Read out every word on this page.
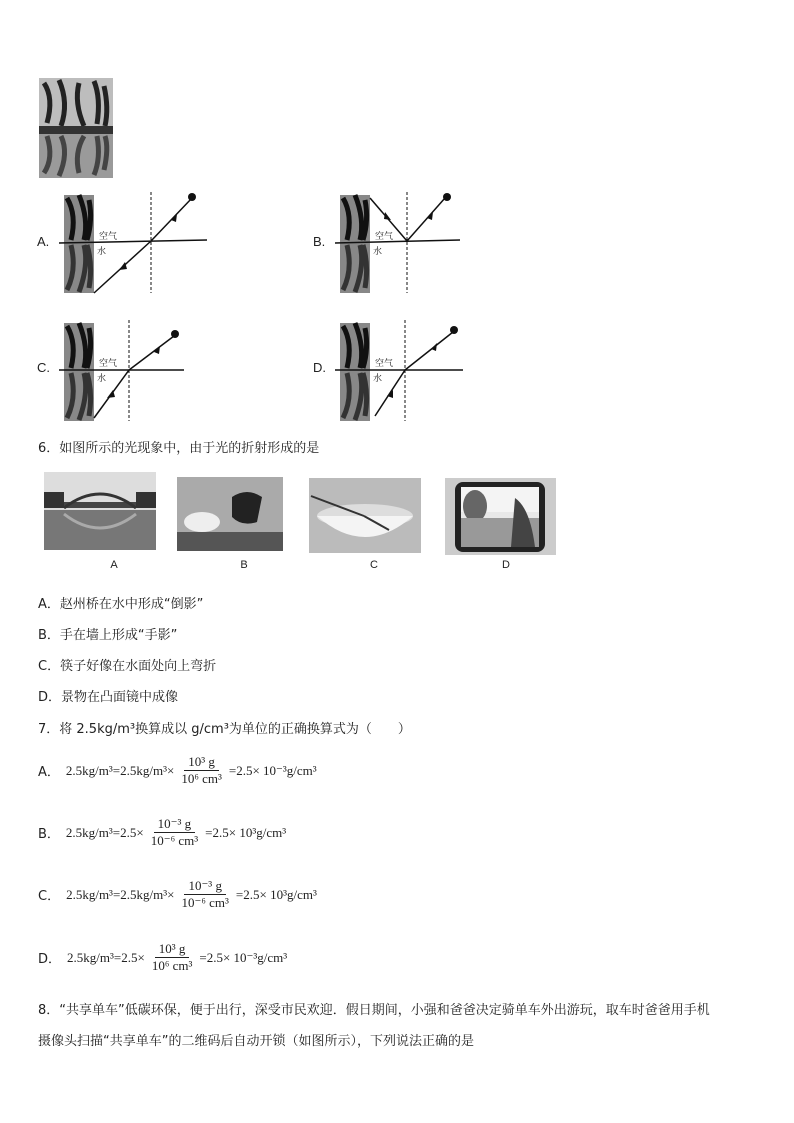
A.	空气
水
B.	空气
水
C.	空气
水
D.	空气
水
6．如图所示的光现象中，由于光的折射形成的是
A	B	C	D
A．赵州桥在水中形成“倒影”
B．手在墙上形成“手影”
C．筷子好像在水面处向上弯折
D．景物在凸面镜中成像
7．将 2.5kg/m³换算成以 g/cm³为单位的正确换算式为（　　）
A． $2.5kg/m^3=2.5kg/m^3\times \frac{\text{10³ g}}{\text{10⁶ cm³}} =2.5\times 10^{-3}g/cm^3$
B． $2.5kg/m^3=2.5\times \frac{\text{10⁻³ g}}{\text{10⁻⁶ cm³}} =2.5\times 10^3g/cm^3$
C． $2.5kg/m^3=2.5kg/m^3\times \frac{\text{10⁻³ g}}{\text{10⁻⁶ cm³}} =2.5\times 10^3g/cm^3$
D． $2.5kg/m^3=2.5\times \frac{\text{10³ g}}{\text{10⁶ cm³}} =2.5\times 10^{-3}g/cm^3$
8．“共享单车”低碳环保，便于出行，深受市民欢迎．假日期间，小强和爸爸决定骑单车外出游玩，取车时爸爸用手机
摄像头扫描“共享单车”的二维码后自动开锁（如图所示），下列说法正确的是
